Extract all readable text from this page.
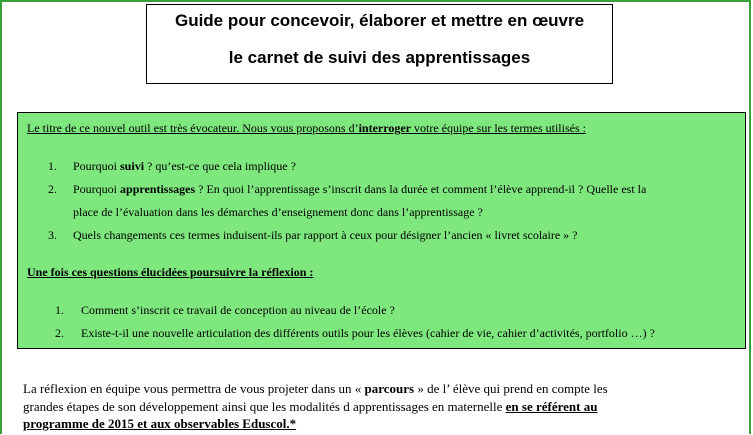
Guide pour concevoir, élaborer et mettre en œuvre
le carnet de suivi des apprentissages
Le titre de ce nouvel outil est très évocateur. Nous vous proposons d’interroger votre équipe sur les termes utilisés :
1. Pourquoi suivi ? qu’est-ce que cela implique ?
2. Pourquoi apprentissages ? En quoi l’apprentissage s’inscrit dans la durée et comment l’élève apprend-il ? Quelle est la
place de l’évaluation dans les démarches d’enseignement donc dans l’apprentissage ?
3. Quels changements ces termes induisent-ils par rapport à ceux pour désigner l’ancien « livret scolaire » ?
Une fois ces questions élucidées poursuivre la réflexion :
1. Comment s’inscrit ce travail de conception au niveau de l’école ?
2. Existe-t-il une nouvelle articulation des différents outils pour les élèves (cahier de vie, cahier d’activités, portfolio …) ?
La réflexion en équipe vous permettra de vous projeter dans un « parcours » de l’ élève qui prend en compte les
grandes étapes de son développement ainsi que les modalités d apprentissages en maternelle en se référent au
programme de 2015 et aux observables Eduscol.*
